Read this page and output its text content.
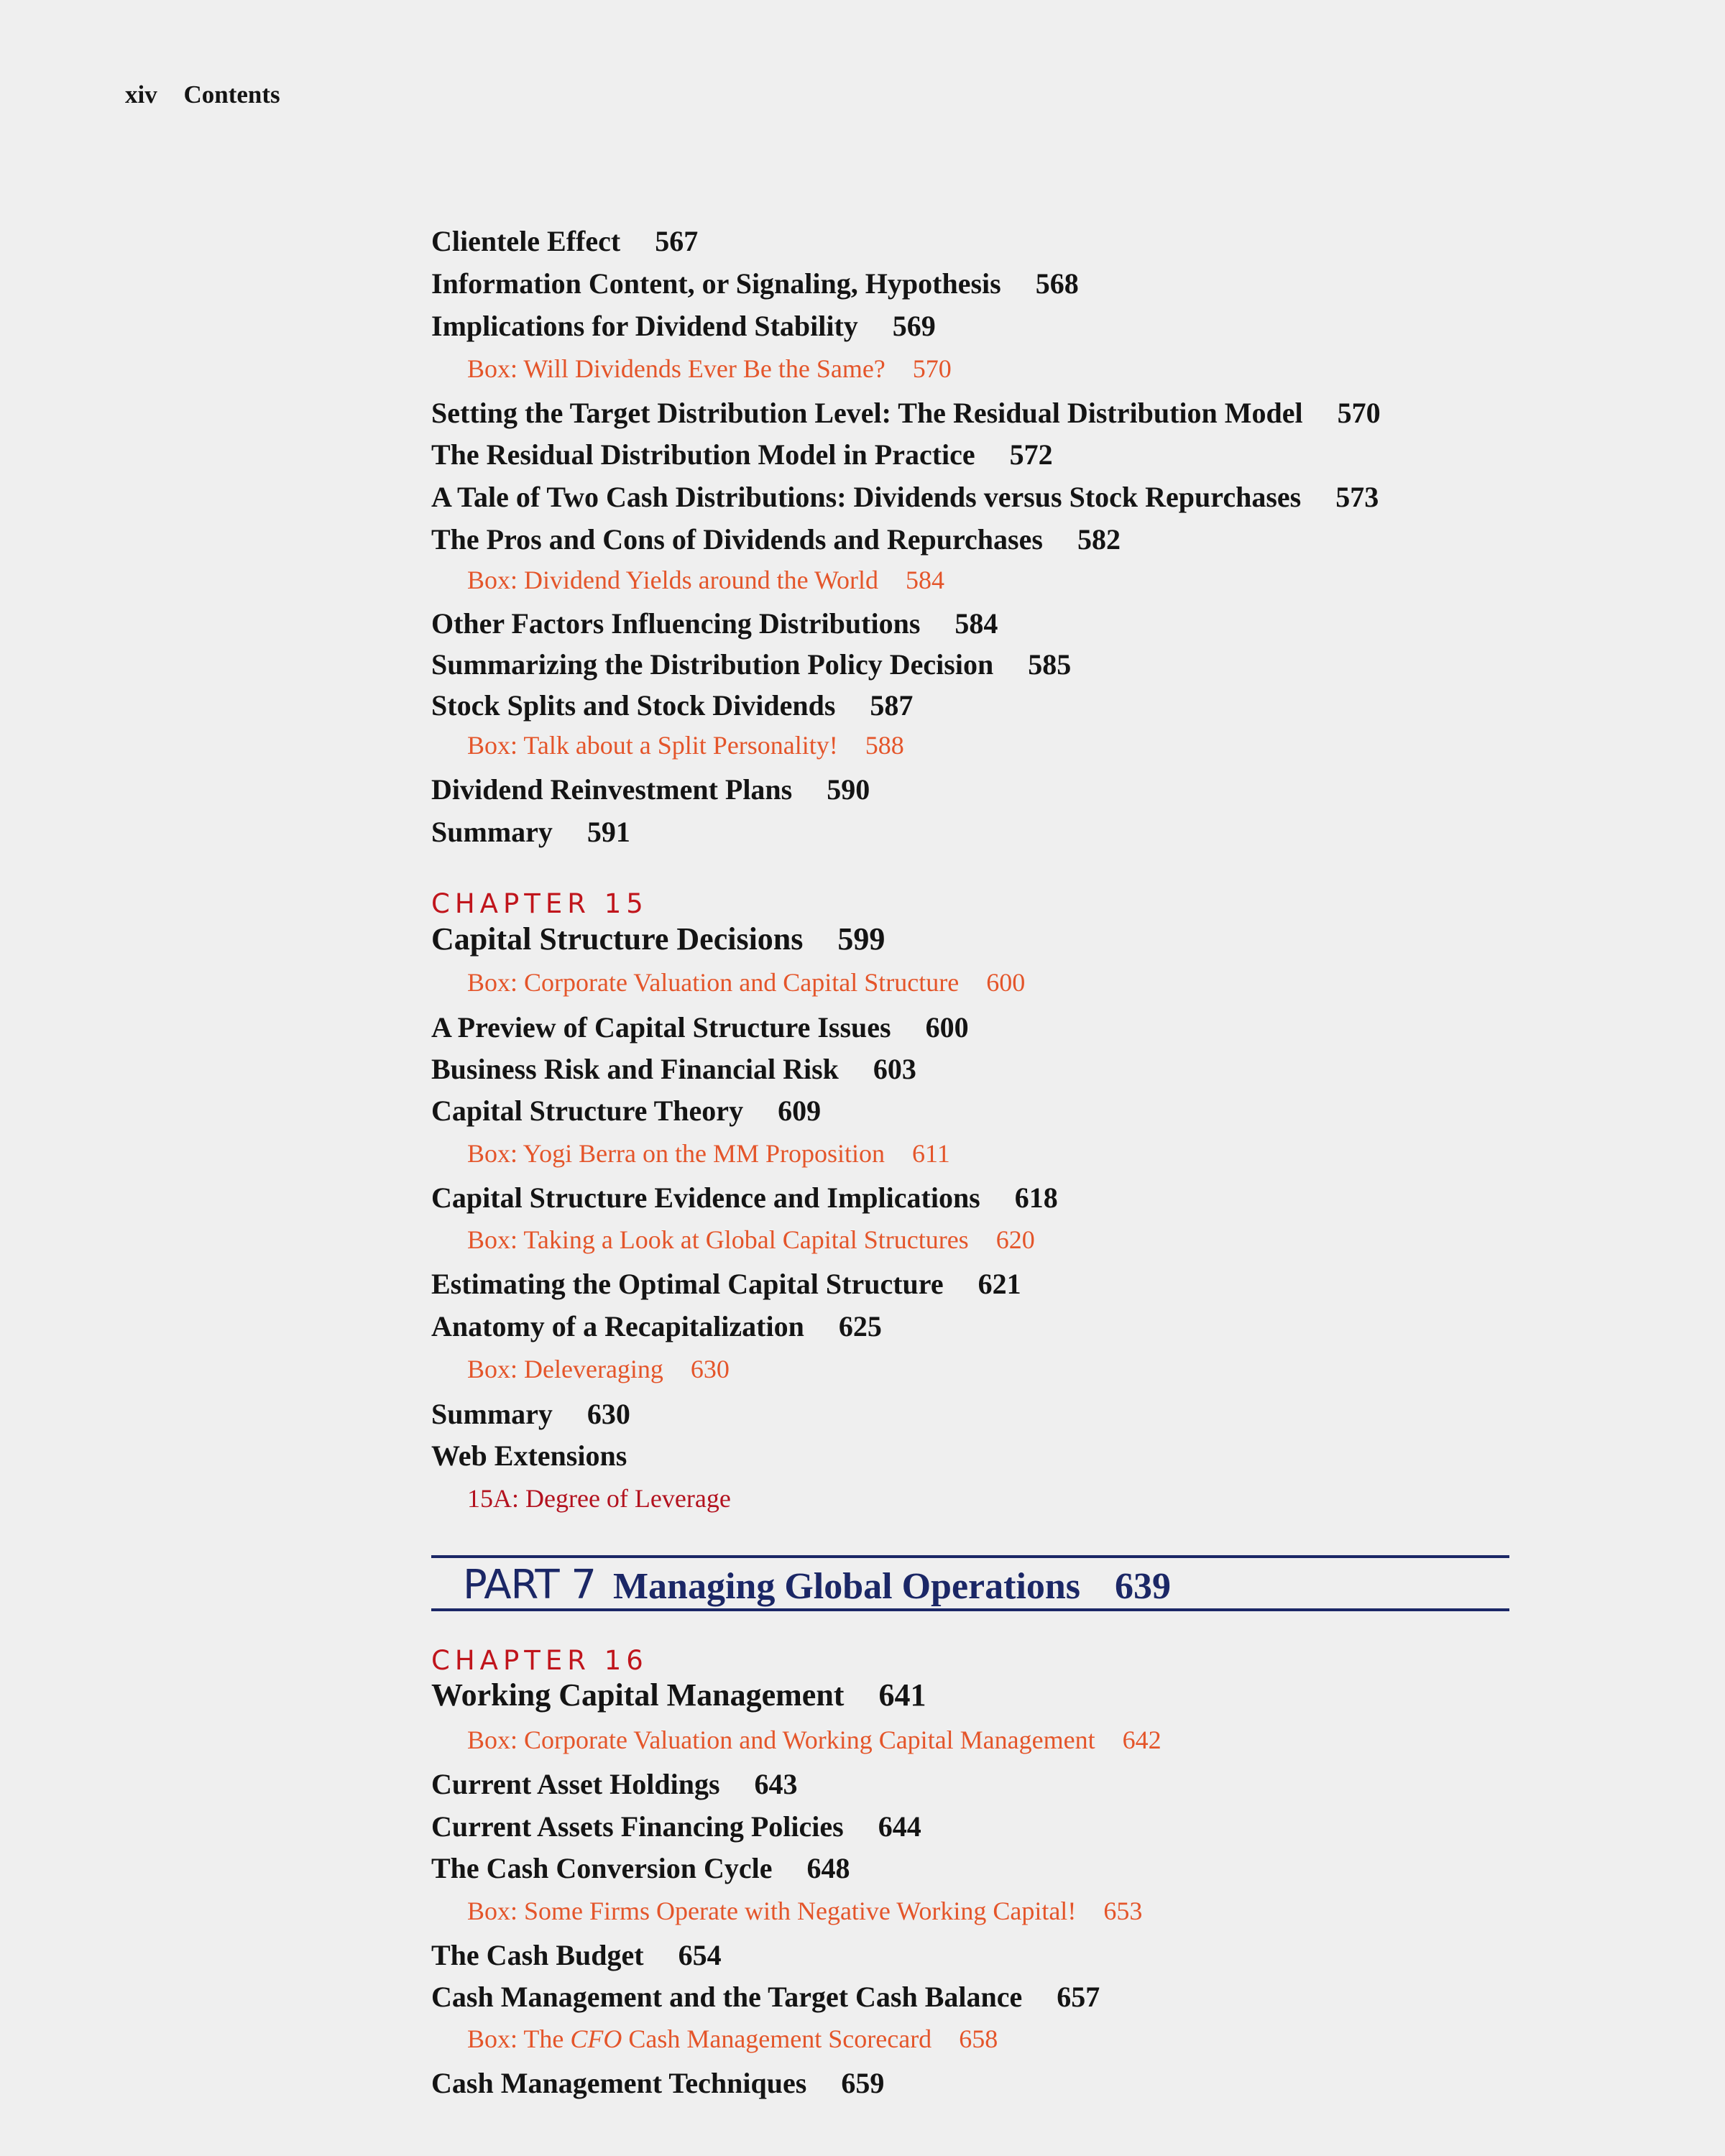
xiv Contents
Clientele Effect 567
Information Content, or Signaling, Hypothesis 568
Implications for Dividend Stability 569
Box: Will Dividends Ever Be the Same? 570
Setting the Target Distribution Level: The Residual Distribution Model 570
The Residual Distribution Model in Practice 572
A Tale of Two Cash Distributions: Dividends versus Stock Repurchases 573
The Pros and Cons of Dividends and Repurchases 582
Box: Dividend Yields around the World 584
Other Factors Influencing Distributions 584
Summarizing the Distribution Policy Decision 585
Stock Splits and Stock Dividends 587
Box: Talk about a Split Personality! 588
Dividend Reinvestment Plans 590
Summary 591
CHAPTER 15
Capital Structure Decisions 599
Box: Corporate Valuation and Capital Structure 600
A Preview of Capital Structure Issues 600
Business Risk and Financial Risk 603
Capital Structure Theory 609
Box: Yogi Berra on the MM Proposition 611
Capital Structure Evidence and Implications 618
Box: Taking a Look at Global Capital Structures 620
Estimating the Optimal Capital Structure 621
Anatomy of a Recapitalization 625
Box: Deleveraging 630
Summary 630
Web Extensions
15A: Degree of Leverage
PART 7 Managing Global Operations 639
CHAPTER 16
Working Capital Management 641
Box: Corporate Valuation and Working Capital Management 642
Current Asset Holdings 643
Current Assets Financing Policies 644
The Cash Conversion Cycle 648
Box: Some Firms Operate with Negative Working Capital! 653
The Cash Budget 654
Cash Management and the Target Cash Balance 657
Box: The CFO Cash Management Scorecard 658
Cash Management Techniques 659
